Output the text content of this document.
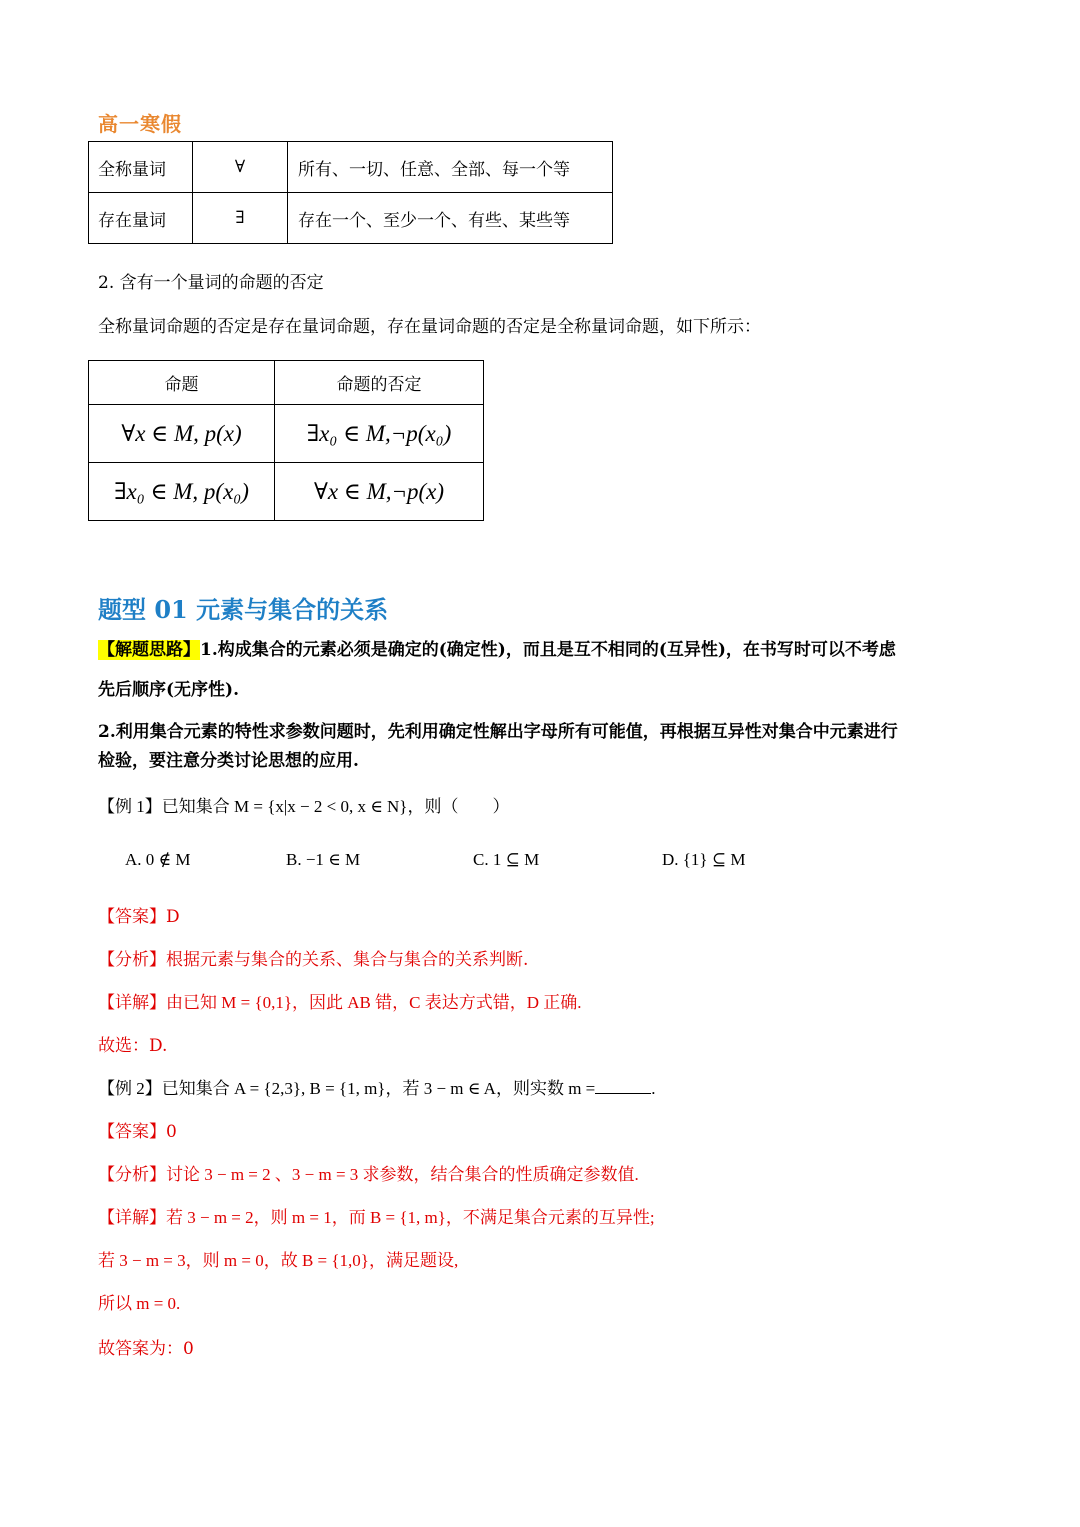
高一寒假
全称量词	∀	所有、一切、任意、全部、每一个等
存在量词	∃	存在一个、至少一个、有些、某些等
2. 含有一个量词的命题的否定
全称量词命题的否定是存在量词命题，存在量词命题的否定是全称量词命题，如下所示：
命题	命题的否定
∀x ∈ M, p(x)	∃x₀ ∈ M,¬p(x₀)
∃x₀ ∈ M, p(x₀)	∀x ∈ M,¬p(x)
题型 01 元素与集合的关系
【解题思路】1.构成集合的元素必须是确定的(确定性)，而且是互不相同的(互异性)，在书写时可以不考虑
先后顺序(无序性).
2.利用集合元素的特性求参数问题时，先利用确定性解出字母所有可能值，再根据互异性对集合中元素进行
检验，要注意分类讨论思想的应用.
【例 1】已知集合 M = {x|x − 2 < 0, x ∈ N}，则（　　）
A. 0 ∉ M	B. −1 ∈ M	C. 1 ⊆ M	D. {1} ⊆ M
【答案】D
【分析】根据元素与集合的关系、集合与集合的关系判断.
【详解】由已知 M = {0,1}，因此 AB 错，C 表达方式错，D 正确.
故选：D.
【例 2】已知集合 A = {2,3}, B = {1, m}，若 3 − m ∈ A，则实数 m =	.
【答案】0
【分析】讨论 3 − m = 2 、3 − m = 3 求参数，结合集合的性质确定参数值.
【详解】若 3 − m = 2，则 m = 1，而 B = {1, m}，不满足集合元素的互异性;
若 3 − m = 3，则 m = 0，故 B = {1,0}，满足题设,
所以 m = 0.
故答案为：0
